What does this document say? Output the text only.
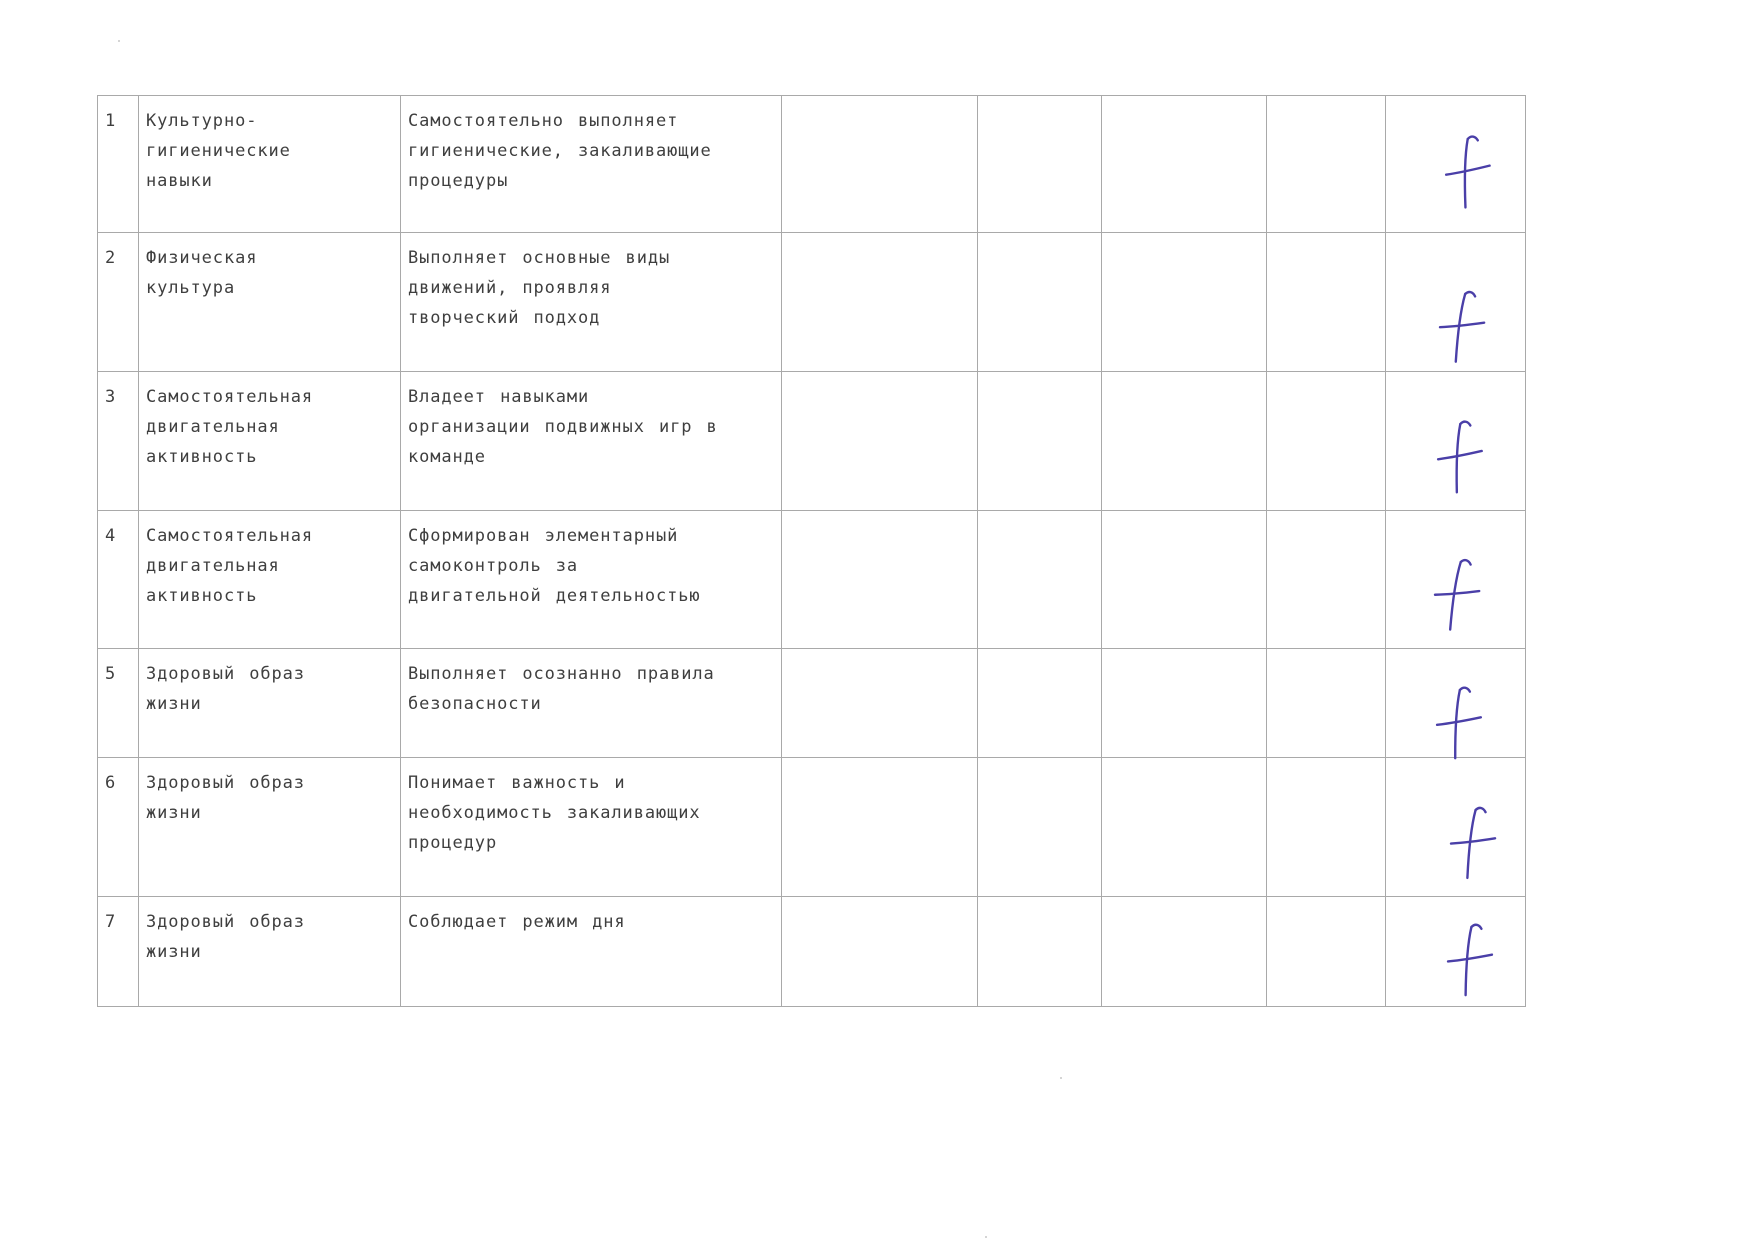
1	Культурно-
гигиенические
навыки	Самостоятельно выполняет
гигиенические, закаливающие
процедуры					

2	Физическая
культура	Выполняет основные виды
движений, проявляя
творческий подход					

3	Самостоятельная
двигательная
активность	Владеет навыками
организации подвижных игр в
команде					

4	Самостоятельная
двигательная
активность	Сформирован элементарный
самоконтроль за
двигательной деятельностью					

5	Здоровый образ
жизни	Выполняет осознанно правила
безопасности					

6	Здоровый образ
жизни	Понимает важность и
необходимость закаливающих
процедур					

7	Здоровый образ
жизни	Соблюдает режим дня					
